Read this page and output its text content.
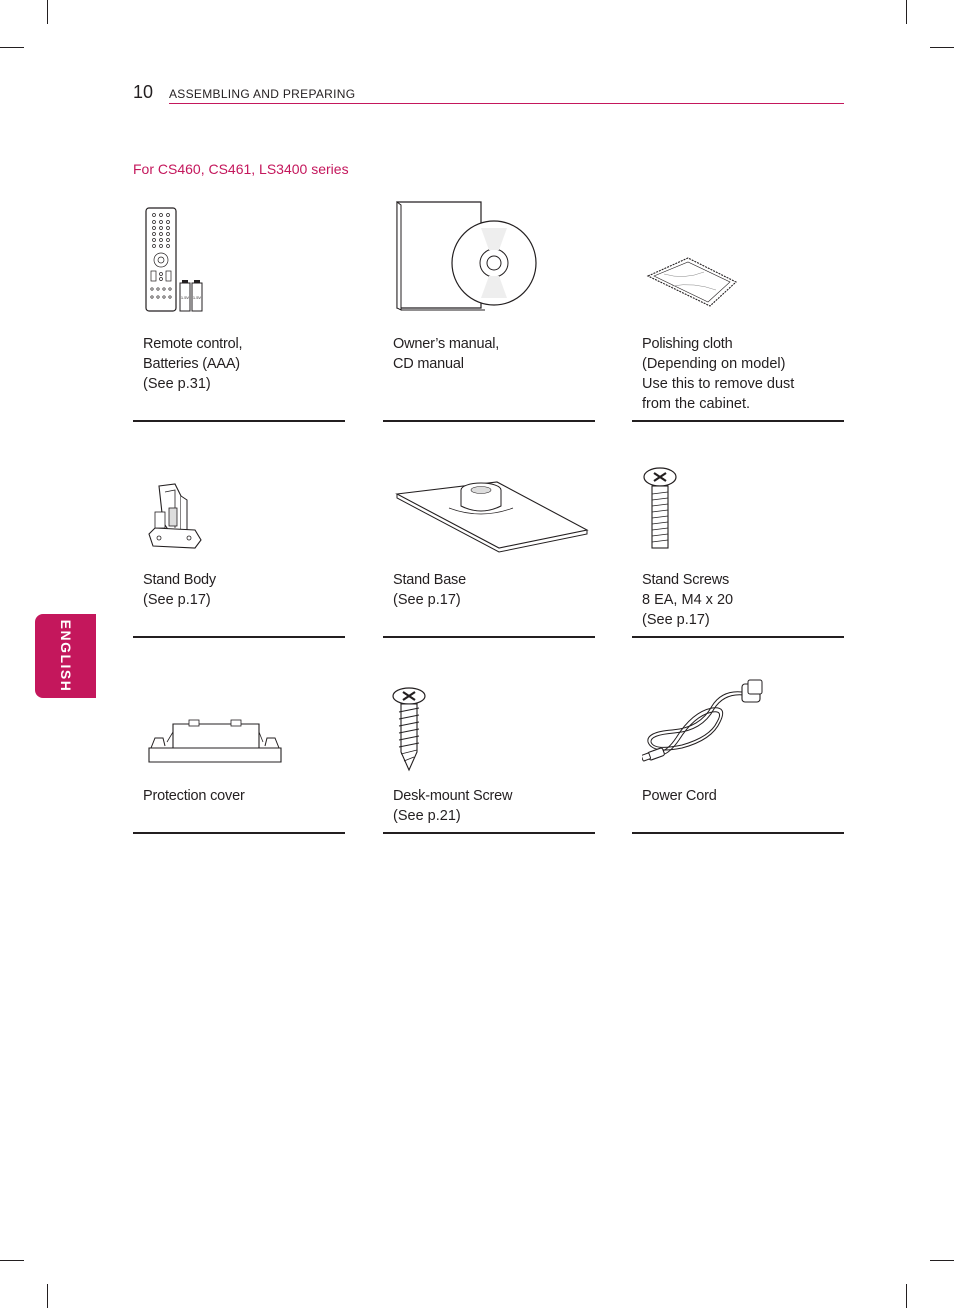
10 ASSEMBLING AND PREPARING
For CS460, CS461, LS3400 series
ENGLISH
1.5V 1.5V
Remote control,
Batteries (AAA)
(See p.31)
Owner’s manual,
CD manual
Polishing cloth
(Depending on model)
Use this to remove dust
from the cabinet.
Stand Body
(See p.17)
Stand Base
(See p.17)
Stand Screws
8 EA, M4 x 20
(See p.17)
Protection cover	Desk-mount Screw
(See p.21)
Power Cord
